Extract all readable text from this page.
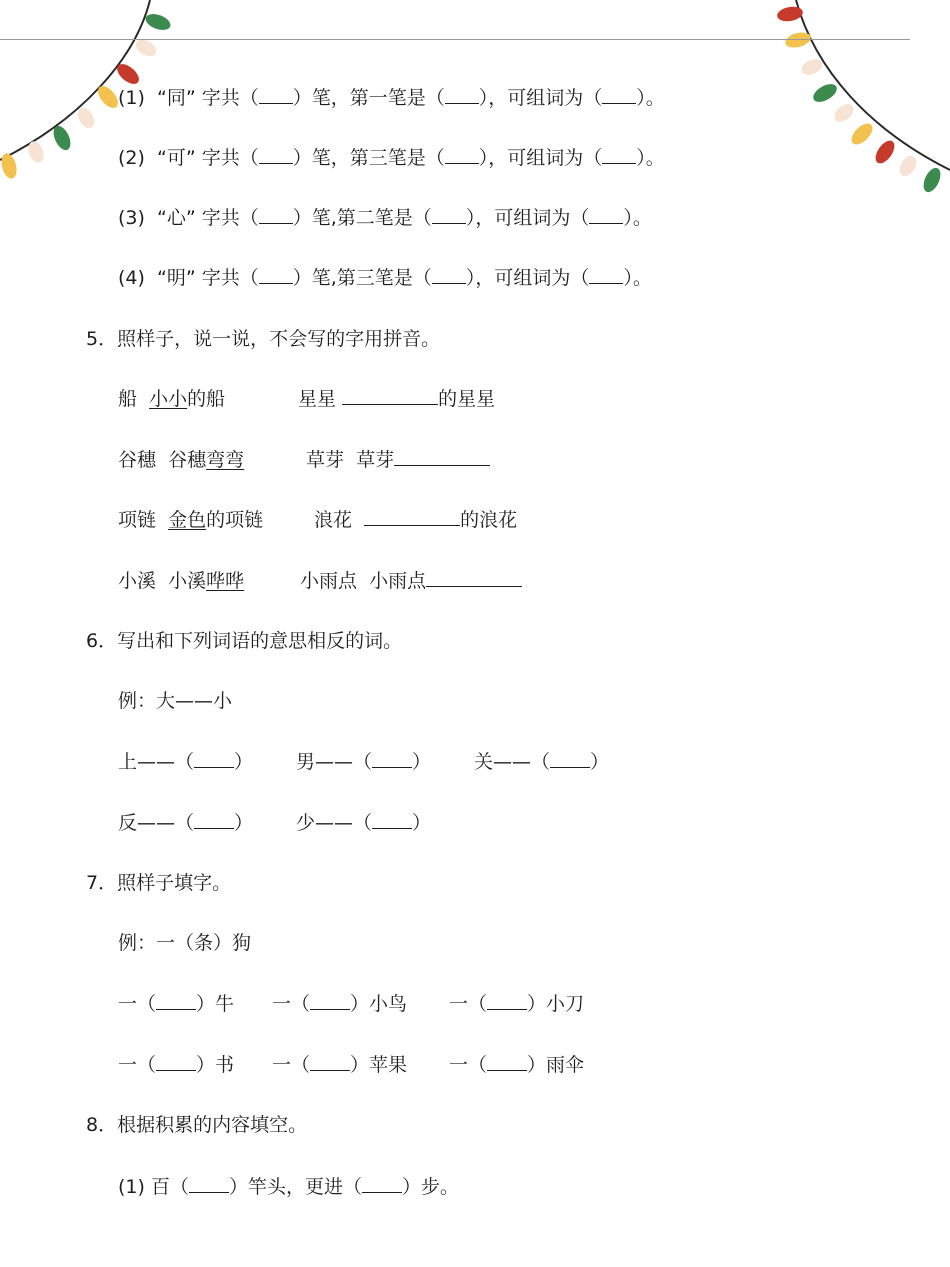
(1) “同” 字共（ ）笔，第一笔是（ ），可组词为（ ）。
(2) “可” 字共（ ）笔，第三笔是（ ），可组词为（ ）。
(3) “心” 字共（ ）笔,第二笔是（ ），可组词为（ ）。
(4) “明” 字共（ ）笔,第三笔是（ ），可组词为（ ）。
5．照样子，说一说，不会写的字用拼音。
船 小小的船	星星	的星星
谷穗 谷穗弯弯	草芽 草芽
项链 金色的项链	浪花	的浪花
小溪 小溪哗哗	小雨点 小雨点
6．写出和下列词语的意思相反的词。
例：大——小
上——（ ） 男——（ ） 关——（ ）
反——（ ） 少——（ ）
7．照样子填字。
例：一（条）狗
一（ ）牛 一（ ）小鸟 一（ ）小刀
一（ ）书 一（ ）苹果 一（ ）雨伞
8．根据积累的内容填空。
(1) 百（ ）竿头，更进（ ）步。
